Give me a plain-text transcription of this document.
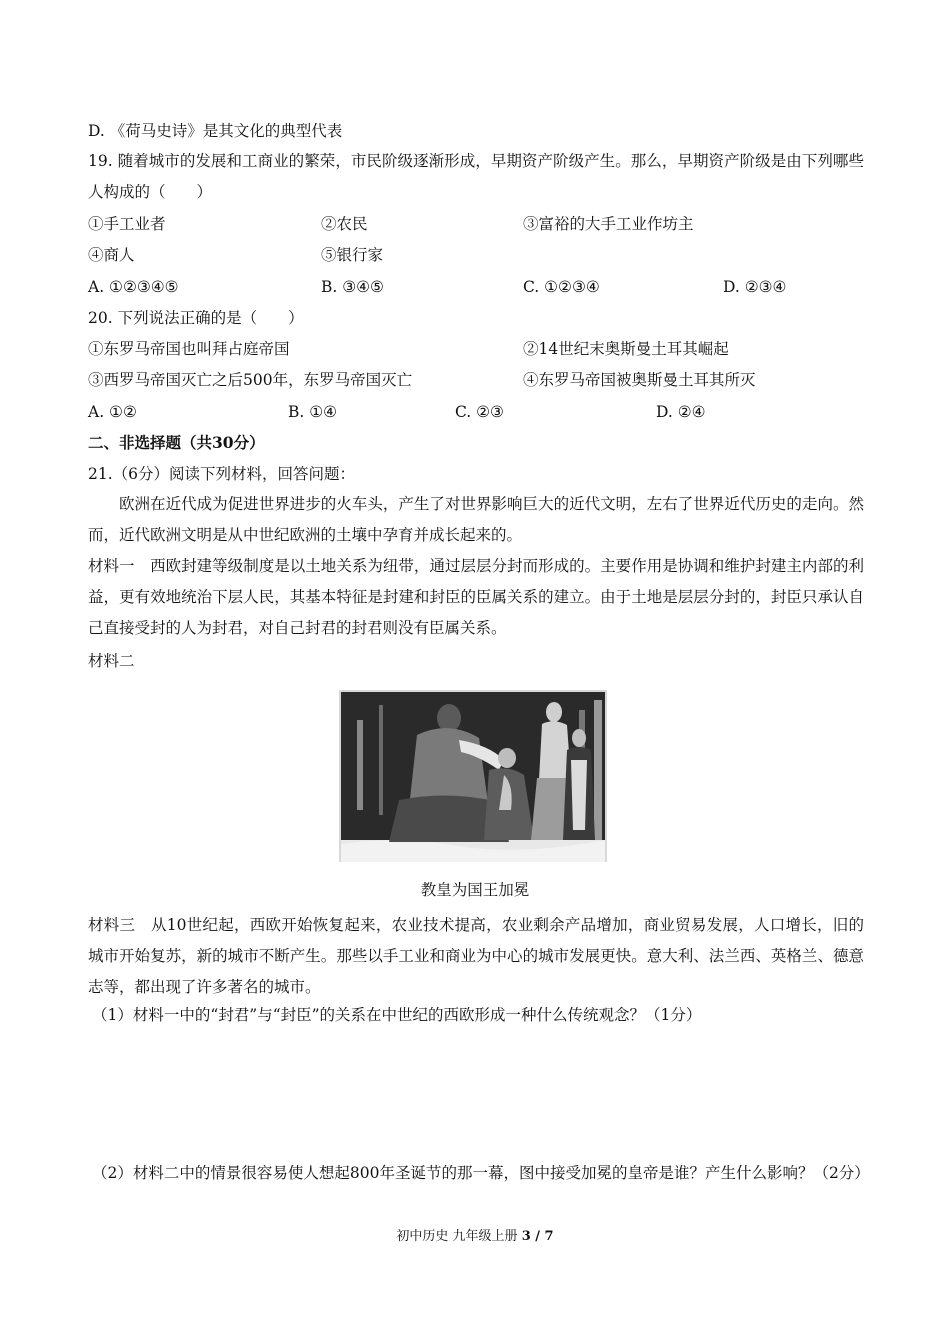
D. 《荷马史诗》是其文化的典型代表
19. 随着城市的发展和工商业的繁荣，市民阶级逐渐形成，早期资产阶级产生。那么，早期资产阶级是由下列哪些人构成的（　　）
①手工业者	②农民	③富裕的大手工业作坊主
④商人	⑤银行家
A. ①②③④⑤	B. ③④⑤	C. ①②③④	D. ②③④
20. 下列说法正确的是（　　）
①东罗马帝国也叫拜占庭帝国	②14世纪末奥斯曼土耳其崛起
③西罗马帝国灭亡之后500年，东罗马帝国灭亡	④东罗马帝国被奥斯曼土耳其所灭
A. ①②	B. ①④	C. ②③	D. ②④
二、非选择题（共30分）
21.（6分）阅读下列材料，回答问题：
欧洲在近代成为促进世界进步的火车头，产生了对世界影响巨大的近代文明，左右了世界近代历史的走向。然而，近代欧洲文明是从中世纪欧洲的土壤中孕育并成长起来的。
材料一　西欧封建等级制度是以土地关系为纽带，通过层层分封而形成的。主要作用是协调和维护封建主内部的利益，更有效地统治下层人民，其基本特征是封建和封臣的臣属关系的建立。由于土地是层层分封的，封臣只承认自己直接受封的人为封君，对自己封君的封君则没有臣属关系。
材料二
教皇为国王加冕
材料三　从10世纪起，西欧开始恢复起来，农业技术提高，农业剩余产品增加，商业贸易发展，人口增长，旧的城市开始复苏，新的城市不断产生。那些以手工业和商业为中心的城市发展更快。意大利、法兰西、英格兰、德意志等，都出现了许多著名的城市。
（1）材料一中的“封君”与“封臣”的关系在中世纪的西欧形成一种什么传统观念？（1分）
（2）材料二中的情景很容易使人想起800年圣诞节的那一幕，图中接受加冕的皇帝是谁？产生什么影响？（2分）
初中历史 九年级上册 3 / 7
